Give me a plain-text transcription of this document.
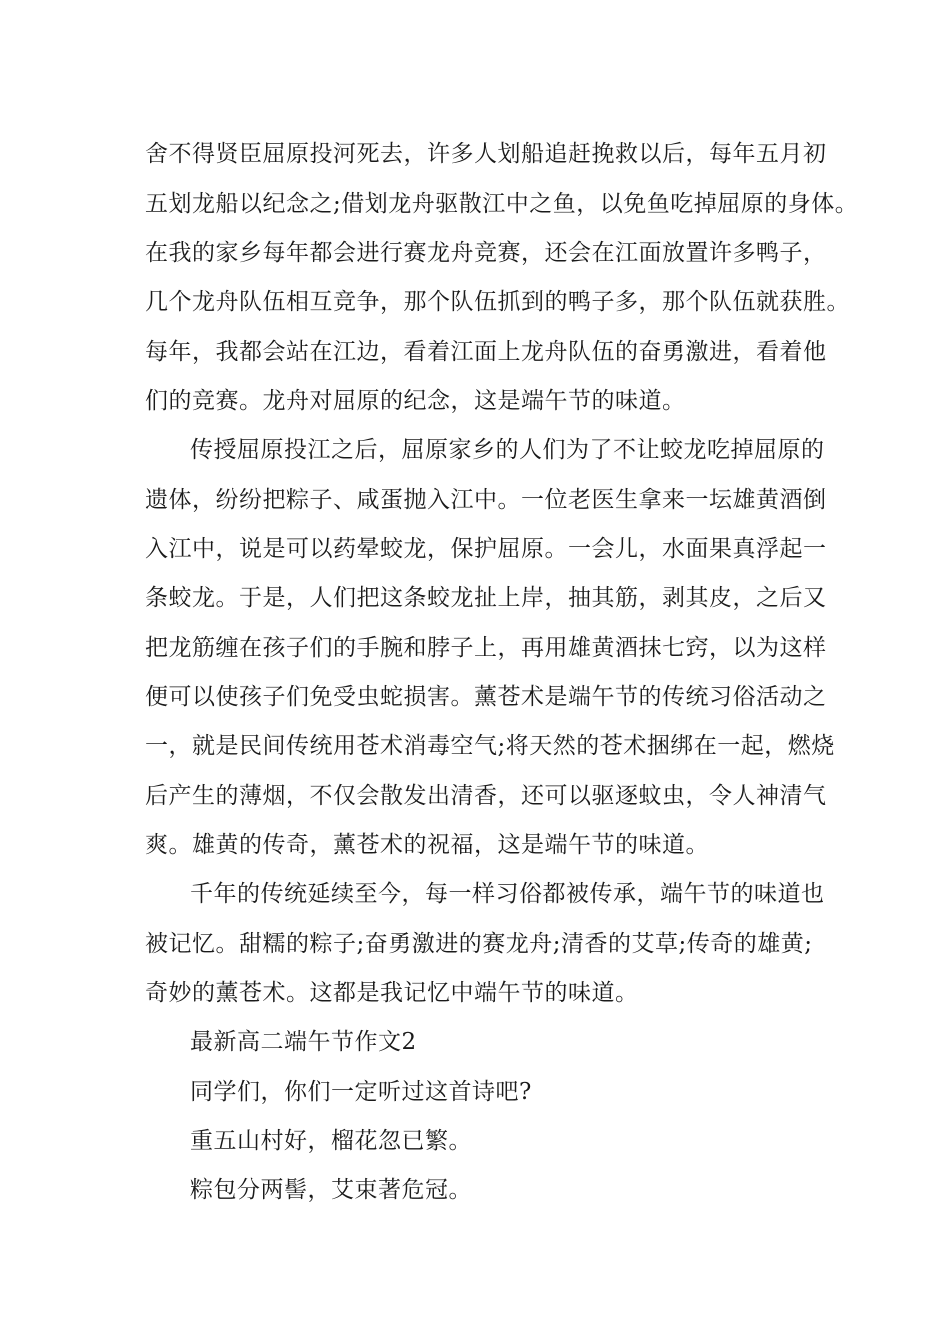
舍不得贤臣屈原投河死去，许多人划船追赶挽救以后，每年五月初
五划龙船以纪念之;借划龙舟驱散江中之鱼，以免鱼吃掉屈原的身体。
在我的家乡每年都会进行赛龙舟竞赛，还会在江面放置许多鸭子，
几个龙舟队伍相互竞争，那个队伍抓到的鸭子多，那个队伍就获胜。
每年，我都会站在江边，看着江面上龙舟队伍的奋勇激进，看着他
们的竞赛。龙舟对屈原的纪念，这是端午节的味道。
传授屈原投江之后，屈原家乡的人们为了不让蛟龙吃掉屈原的
遗体，纷纷把粽子、咸蛋抛入江中。一位老医生拿来一坛雄黄酒倒
入江中，说是可以药晕蛟龙，保护屈原。一会儿，水面果真浮起一
条蛟龙。于是，人们把这条蛟龙扯上岸，抽其筋，剥其皮，之后又
把龙筋缠在孩子们的手腕和脖子上，再用雄黄酒抹七窍，以为这样
便可以使孩子们免受虫蛇损害。薰苍术是端午节的传统习俗活动之
一，就是民间传统用苍术消毒空气;将天然的苍术捆绑在一起，燃烧
后产生的薄烟，不仅会散发出清香，还可以驱逐蚊虫，令人神清气
爽。雄黄的传奇，薰苍术的祝福，这是端午节的味道。
千年的传统延续至今，每一样习俗都被传承，端午节的味道也
被记忆。甜糯的粽子;奋勇激进的赛龙舟;清香的艾草;传奇的雄黄;
奇妙的薰苍术。这都是我记忆中端午节的味道。
最新高二端午节作文2
同学们，你们一定听过这首诗吧?
重五山村好，榴花忽已繁。
粽包分两髻，艾束著危冠。
